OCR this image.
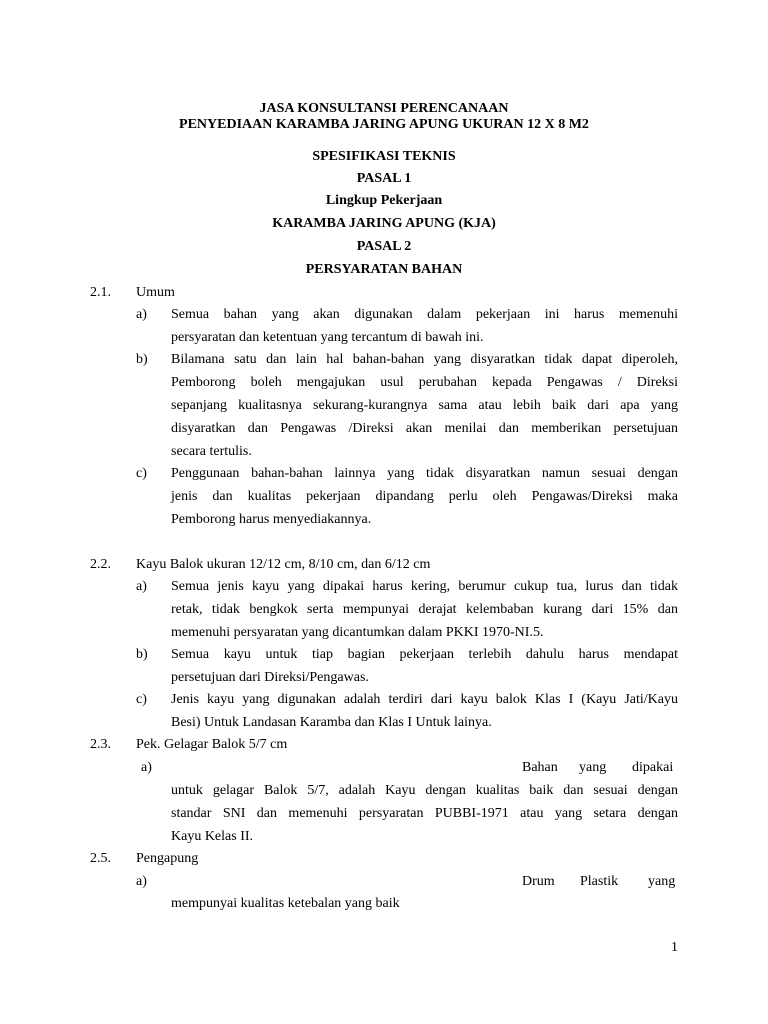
JASA KONSULTANSI PERENCANAAN
PENYEDIAAN KARAMBA JARING APUNG UKURAN 12 X 8 M2
SPESIFIKASI TEKNIS
PASAL 1
Lingkup Pekerjaan
KARAMBA JARING APUNG (KJA)
PASAL 2
PERSYARATAN BAHAN
2.1. Umum
a) Semua bahan yang akan digunakan dalam pekerjaan ini harus memenuhi
persyaratan dan ketentuan yang tercantum di bawah ini.
b) Bilamana satu dan lain hal bahan-bahan yang disyaratkan tidak dapat diperoleh,
Pemborong boleh mengajukan usul perubahan kepada Pengawas / Direksi
sepanjang kualitasnya sekurang-kurangnya sama atau lebih baik dari apa yang
disyaratkan dan Pengawas /Direksi akan menilai dan memberikan persetujuan
secara tertulis.
c) Penggunaan bahan-bahan lainnya yang tidak disyaratkan namun sesuai dengan
jenis dan kualitas pekerjaan dipandang perlu oleh Pengawas/Direksi maka
Pemborong harus menyediakannya.
2.2. Kayu Balok ukuran 12/12 cm, 8/10 cm, dan 6/12 cm
a) Semua jenis kayu yang dipakai harus kering, berumur cukup tua, lurus dan tidak
retak, tidak bengkok serta mempunyai derajat kelembaban kurang dari 15% dan
memenuhi persyaratan yang dicantumkan dalam PKKI 1970-NI.5.
b) Semua kayu untuk tiap bagian pekerjaan terlebih dahulu harus mendapat
persetujuan dari Direksi/Pengawas.
c) Jenis kayu yang digunakan adalah terdiri dari kayu balok Klas I (Kayu Jati/Kayu
Besi) Untuk Landasan Karamba dan Klas I Untuk lainya.
2.3. Pek. Gelagar Balok 5/7 cm
a)	Bahan yang dipakai
untuk gelagar Balok 5/7, adalah Kayu dengan kualitas baik dan sesuai dengan
standar SNI dan memenuhi persyaratan PUBBI-1971 atau yang setara dengan
Kayu Kelas II.
2.5. Pengapung
a)	Drum Plastik yang
mempunyai kualitas ketebalan yang baik
1
